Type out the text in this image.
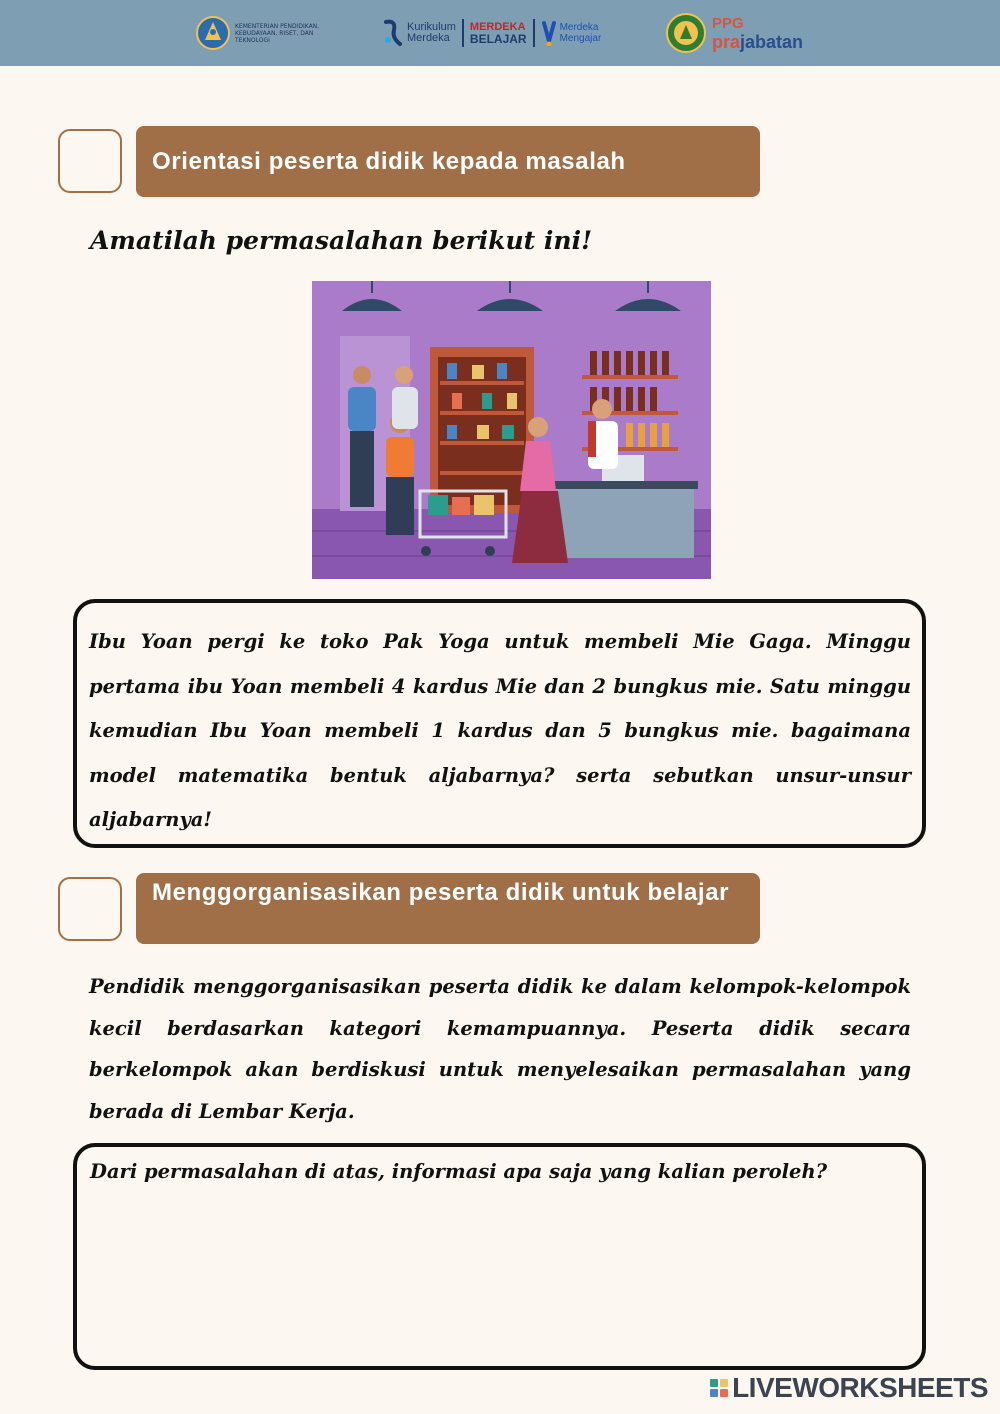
KEMENTERIAN PENDIDIKAN, KEBUDAYAAN, RISET, DAN TEKNOLOGI
Kurikulum
Merdeka
MERDEKA
BELAJAR
Merdeka
Mengajar
PPG
prajabatan
Orientasi peserta didik kepada masalah
Amatilah permasalahan berikut ini!
Ibu Yoan pergi ke toko Pak Yoga untuk membeli Mie Gaga. Minggu pertama ibu Yoan membeli 4 kardus Mie dan 2 bungkus mie. Satu minggu kemudian Ibu Yoan membeli 1 kardus dan 5 bungkus mie. bagaimana model matematika bentuk aljabarnya? serta sebutkan unsur-unsur aljabarnya!
Menggorganisasikan peserta didik untuk belajar
Pendidik menggorganisasikan peserta didik ke dalam kelompok-kelompok kecil berdasarkan kategori kemampuannya. Peserta didik secara berkelompok akan berdiskusi untuk menyelesaikan permasalahan yang berada di Lembar Kerja.
Dari permasalahan di atas, informasi apa saja yang kalian peroleh?
LIVEWORKSHEETS
